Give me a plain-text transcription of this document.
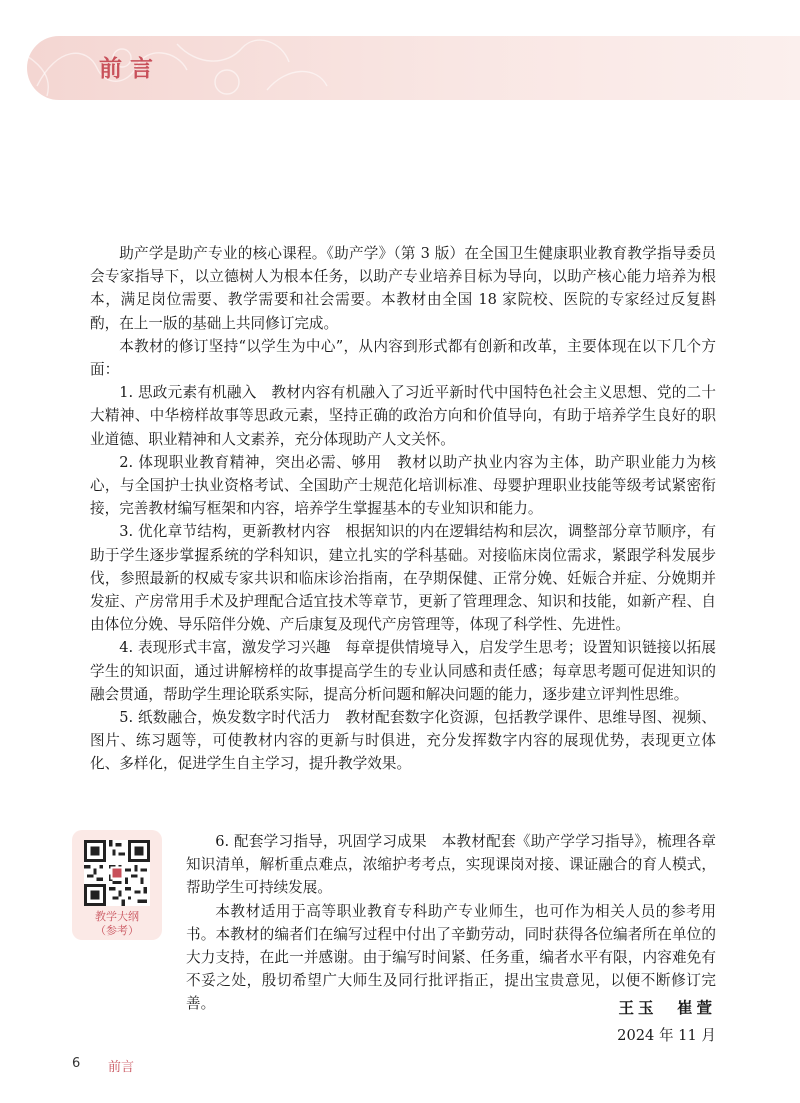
前言

助产学是助产专业的核心课程。《助产学》（第 3 版）在全国卫生健康职业教育教学指导委员会专家指导下，以立德树人为根本任务，以助产专业培养目标为导向，以助产核心能力培养为根本，满足岗位需要、教学需要和社会需要。本教材由全国 18 家院校、医院的专家经过反复斟酌，在上一版的基础上共同修订完成。

本教材的修订坚持“以学生为中心”，从内容到形式都有创新和改革，主要体现在以下几个方面：

1. 思政元素有机融入　 教材内容有机融入了习近平新时代中国特色社会主义思想、党的二十大精神、中华榜样故事等思政元素，坚持正确的政治方向和价值导向，有助于培养学生良好的职业道德、职业精神和人文素养，充分体现助产人文关怀。

2. 体现职业教育精神，突出必需、够用　 教材以助产执业内容为主体，助产职业能力为核心，与全国护士执业资格考试、全国助产士规范化培训标准、母婴护理职业技能等级考试紧密衔接，完善教材编写框架和内容，培养学生掌握基本的专业知识和能力。

3. 优化章节结构，更新教材内容　 根据知识的内在逻辑结构和层次，调整部分章节顺序，有助于学生逐步掌握系统的学科知识，建立扎实的学科基础。对接临床岗位需求，紧跟学科发展步伐，参照最新的权威专家共识和临床诊治指南，在孕期保健、正常分娩、妊娠合并症、分娩期并发症、产房常用手术及护理配合适宜技术等章节，更新了管理理念、知识和技能，如新产程、自由体位分娩、导乐陪伴分娩、产后康复及现代产房管理等，体现了科学性、先进性。

4. 表现形式丰富，激发学习兴趣　 每章提供情境导入，启发学生思考；设置知识链接以拓展学生的知识面，通过讲解榜样的故事提高学生的专业认同感和责任感；每章思考题可促进知识的融会贯通，帮助学生理论联系实际，提高分析问题和解决问题的能力，逐步建立评判性思维。

5. 纸数融合，焕发数字时代活力　 教材配套数字化资源，包括教学课件、思维导图、视频、图片、练习题等，可使教材内容的更新与时俱进，充分发挥数字内容的展现优势，表现更立体化、多样化，促进学生自主学习，提升教学效果。

教学大纲
（参考）

6. 配套学习指导，巩固学习成果　 本教材配套《助产学学习指导》，梳理各章知识清单，解析重点难点，浓缩护考考点，实现课岗对接、课证融合的育人模式，帮助学生可持续发展。

本教材适用于高等职业教育专科助产专业师生，也可作为相关人员的参考用书。本教材的编者们在编写过程中付出了辛勤劳动，同时获得各位编者所在单位的大力支持，在此一并感谢。由于编写时间紧、任务重，编者水平有限，内容难免有不妥之处，殷切希望广大师生及同行批评指正，提出宝贵意见，以便不断修订完善。	王玉　崔萱
2024 年 11 月
6 前言
